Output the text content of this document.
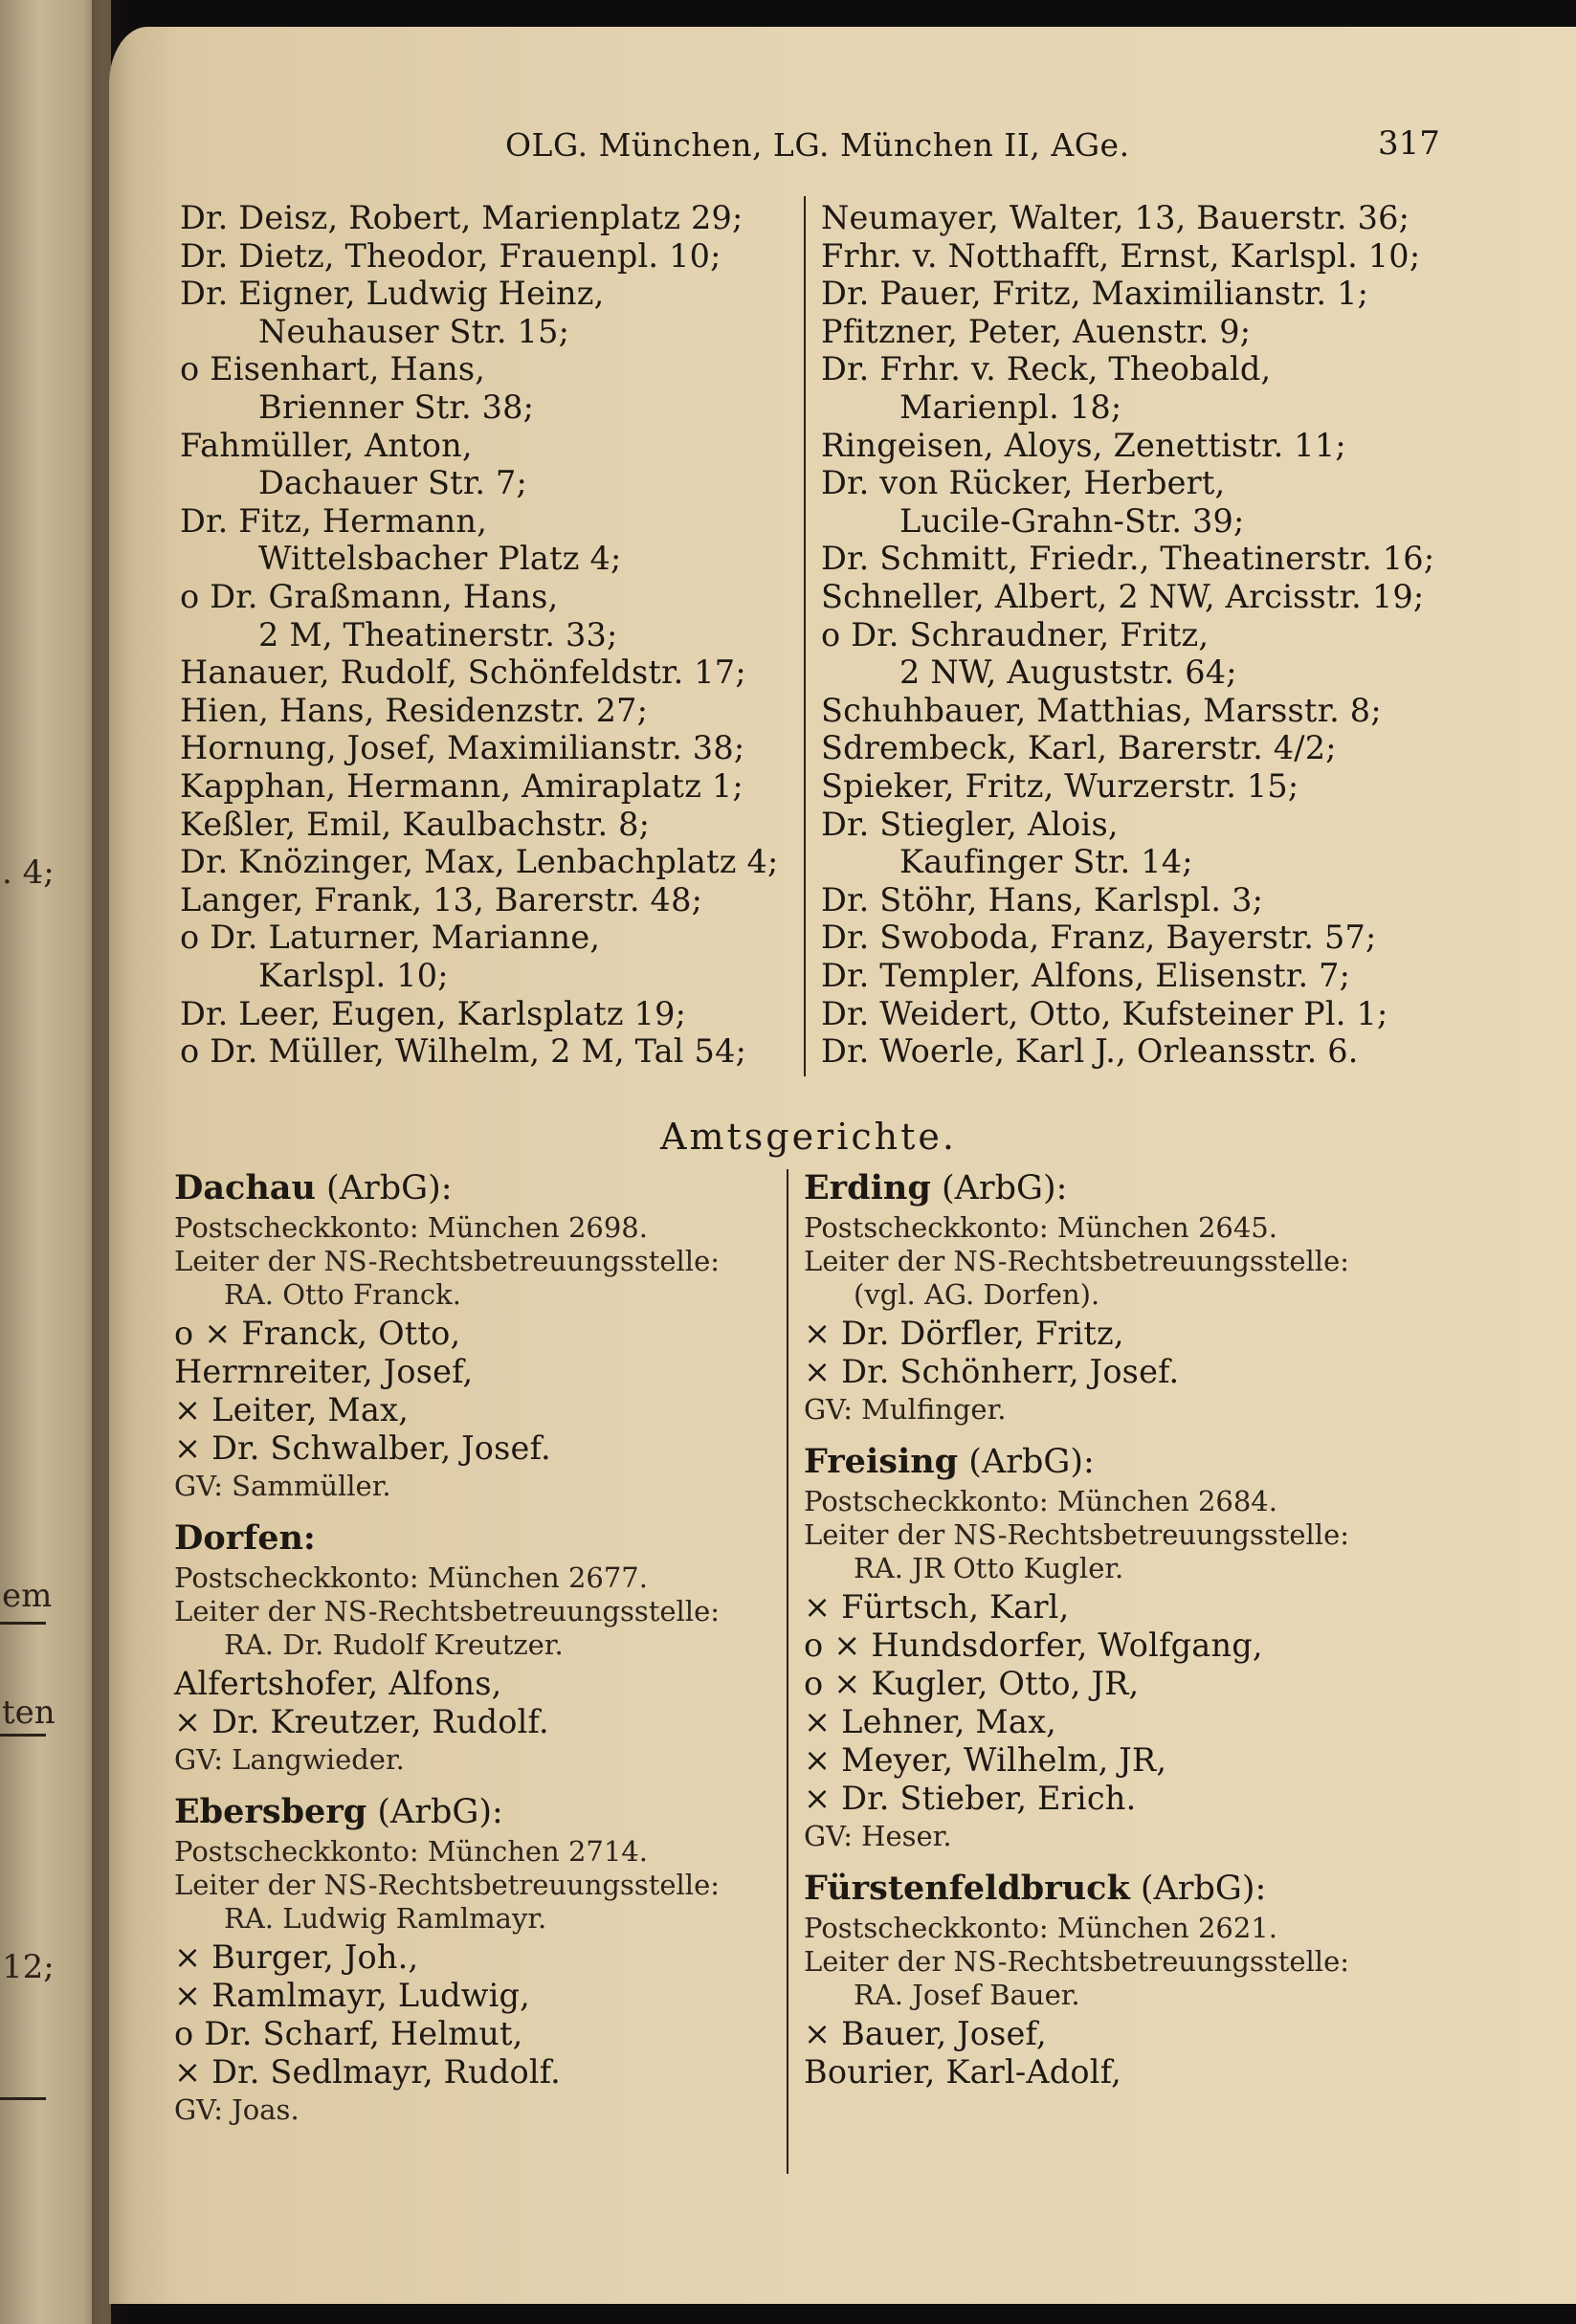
. 4;
em
ten
12;
OLG. München, LG. München II, AGe.	317
Dr. Deisz, Robert, Marienplatz 29;
Dr. Dietz, Theodor, Frauenpl. 10;
Dr. Eigner, Ludwig Heinz,
Neuhauser Str. 15;
o Eisenhart, Hans,
Brienner Str. 38;
Fahmüller, Anton,
Dachauer Str. 7;
Dr. Fitz, Hermann,
Wittelsbacher Platz 4;
o Dr. Graßmann, Hans,
2 M, Theatinerstr. 33;
Hanauer, Rudolf, Schönfeldstr. 17;
Hien, Hans, Residenzstr. 27;
Hornung, Josef, Maximilianstr. 38;
Kapphan, Hermann, Amiraplatz 1;
Keßler, Emil, Kaulbachstr. 8;
Dr. Knözinger, Max, Lenbachplatz 4;
Langer, Frank, 13, Barerstr. 48;
o Dr. Laturner, Marianne,
Karlspl. 10;
Dr. Leer, Eugen, Karlsplatz 19;
o Dr. Müller, Wilhelm, 2 M, Tal 54;
Neumayer, Walter, 13, Bauerstr. 36;
Frhr. v. Notthafft, Ernst, Karlspl. 10;
Dr. Pauer, Fritz, Maximilianstr. 1;
Pfitzner, Peter, Auenstr. 9;
Dr. Frhr. v. Reck, Theobald,
Marienpl. 18;
Ringeisen, Aloys, Zenettistr. 11;
Dr. von Rücker, Herbert,
Lucile-Grahn-Str. 39;
Dr. Schmitt, Friedr., Theatinerstr. 16;
Schneller, Albert, 2 NW, Arcisstr. 19;
o Dr. Schraudner, Fritz,
2 NW, Auguststr. 64;
Schuhbauer, Matthias, Marsstr. 8;
Sdrembeck, Karl, Barerstr. 4/2;
Spieker, Fritz, Wurzerstr. 15;
Dr. Stiegler, Alois,
Kaufinger Str. 14;
Dr. Stöhr, Hans, Karlspl. 3;
Dr. Swoboda, Franz, Bayerstr. 57;
Dr. Templer, Alfons, Elisenstr. 7;
Dr. Weidert, Otto, Kufsteiner Pl. 1;
Dr. Woerle, Karl J., Orleansstr. 6.
Amtsgerichte.
Dachau (ArbG):
Postscheckkonto: München 2698.
Leiter der NS-Rechtsbetreuungsstelle:
RA. Otto Franck.
o × Franck, Otto,
Herrnreiter, Josef,
× Leiter, Max,
× Dr. Schwalber, Josef.
GV: Sammüller.
Dorfen:
Postscheckkonto: München 2677.
Leiter der NS-Rechtsbetreuungsstelle:
RA. Dr. Rudolf Kreutzer.
Alfertshofer, Alfons,
× Dr. Kreutzer, Rudolf.
GV: Langwieder.
Ebersberg (ArbG):
Postscheckkonto: München 2714.
Leiter der NS-Rechtsbetreuungsstelle:
RA. Ludwig Ramlmayr.
× Burger, Joh.,
× Ramlmayr, Ludwig,
o Dr. Scharf, Helmut,
× Dr. Sedlmayr, Rudolf.
GV: Joas.
Erding (ArbG):
Postscheckkonto: München 2645.
Leiter der NS-Rechtsbetreuungsstelle:
(vgl. AG. Dorfen).
× Dr. Dörfler, Fritz,
× Dr. Schönherr, Josef.
GV: Mulfinger.
Freising (ArbG):
Postscheckkonto: München 2684.
Leiter der NS-Rechtsbetreuungsstelle:
RA. JR Otto Kugler.
× Fürtsch, Karl,
o × Hundsdorfer, Wolfgang,
o × Kugler, Otto, JR,
× Lehner, Max,
× Meyer, Wilhelm, JR,
× Dr. Stieber, Erich.
GV: Heser.
Fürstenfeldbruck (ArbG):
Postscheckkonto: München 2621.
Leiter der NS-Rechtsbetreuungsstelle:
RA. Josef Bauer.
× Bauer, Josef,
Bourier, Karl-Adolf,
